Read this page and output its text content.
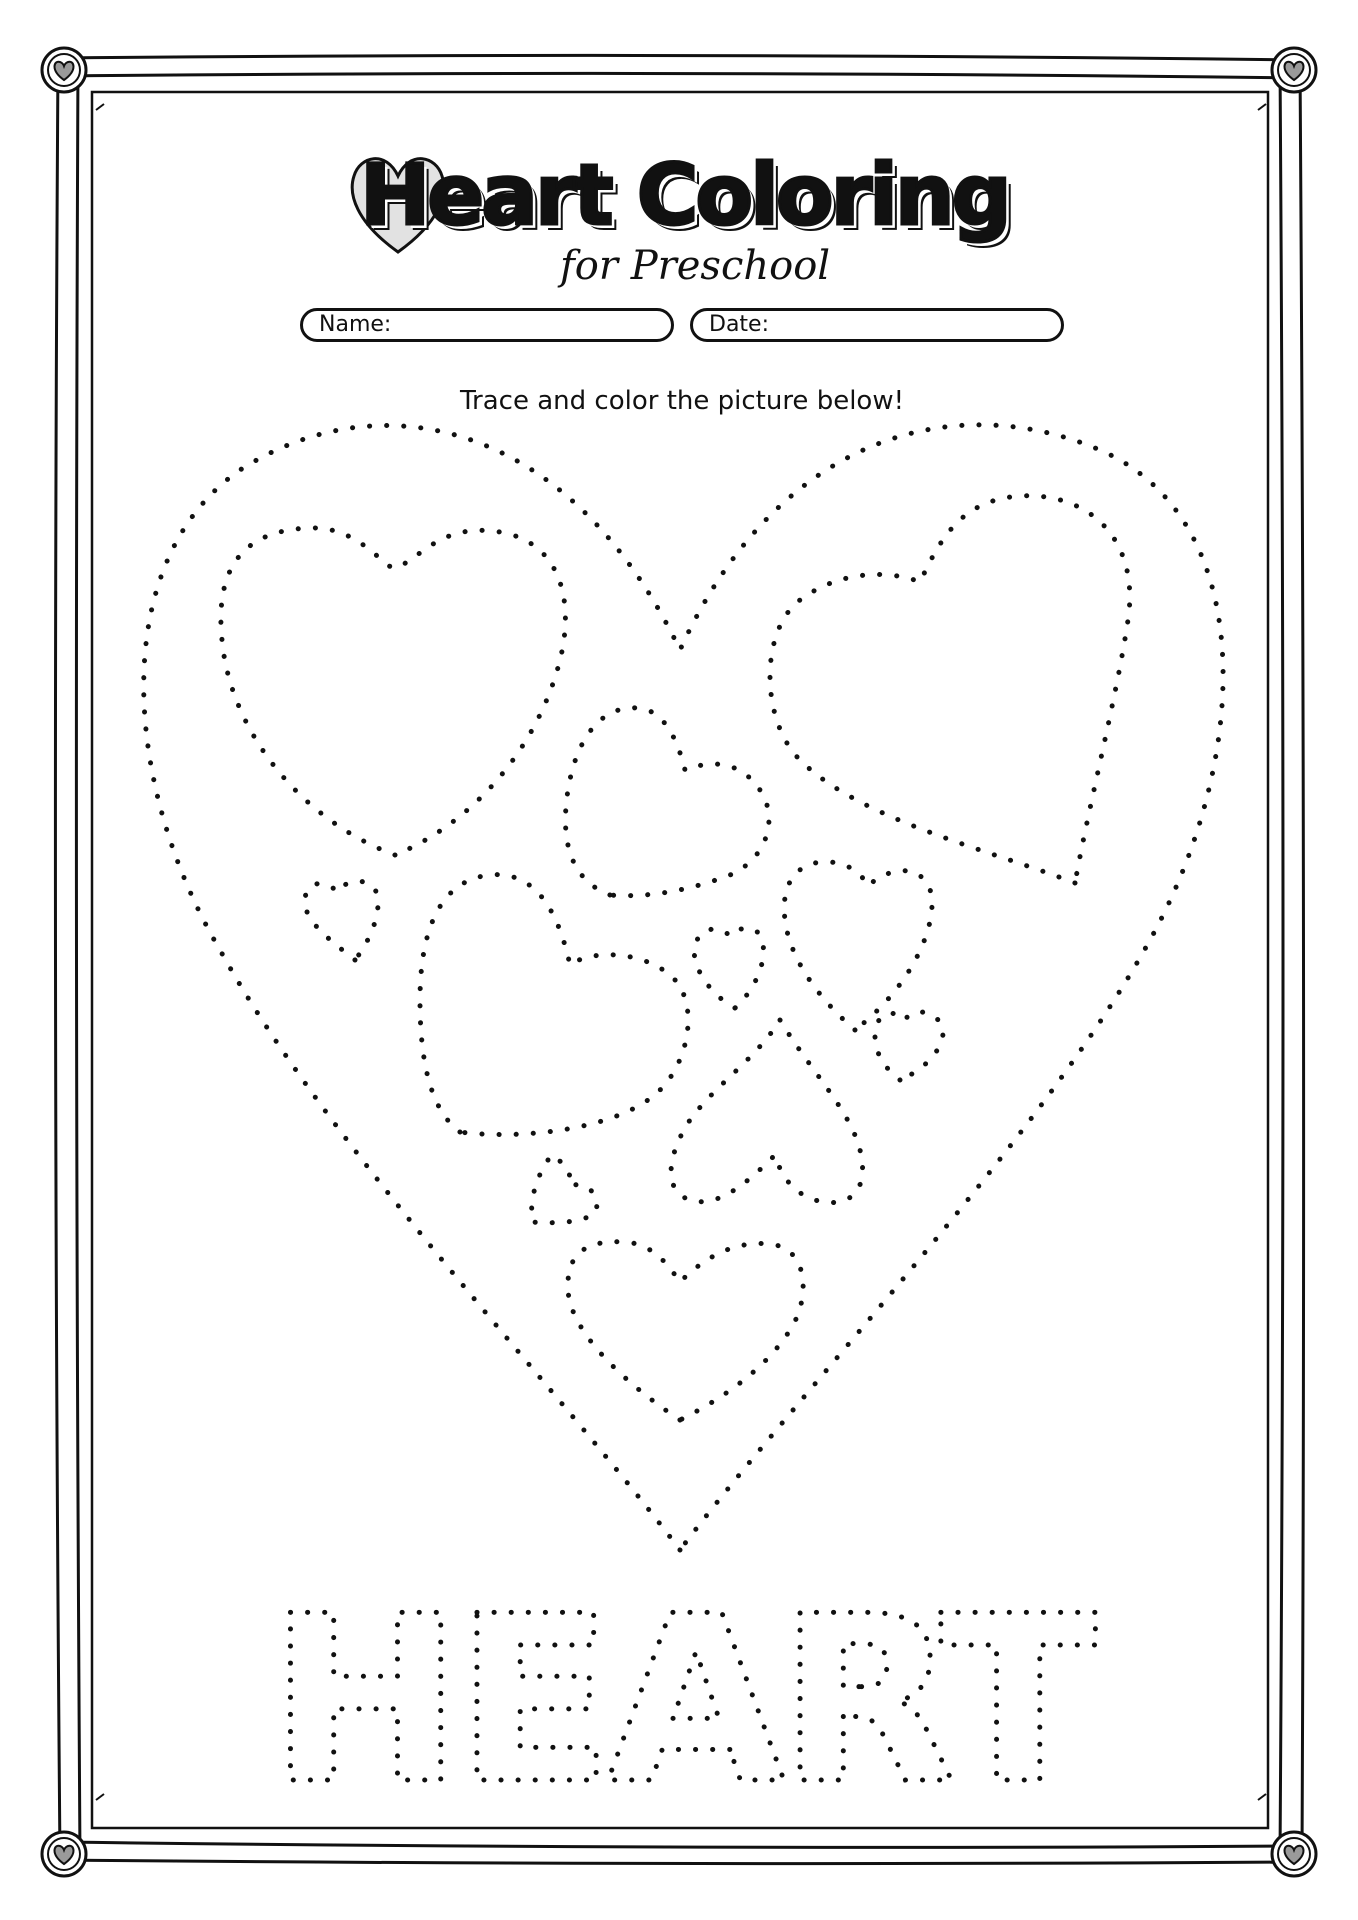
Heart Coloring
for Preschool
Name:	Date:
Trace and color the picture below!
HEART
